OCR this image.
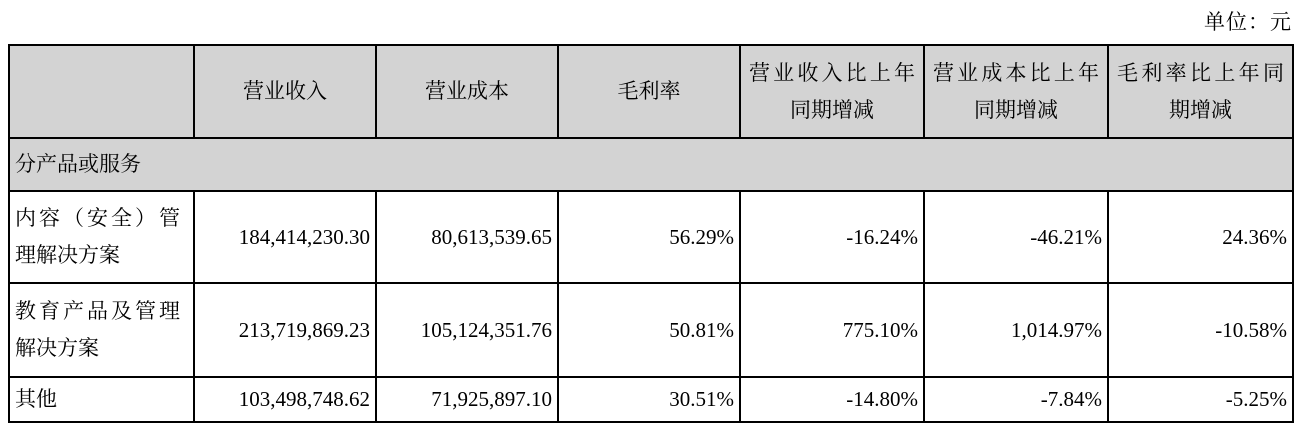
单位：元
	营业收入	营业成本	毛利率	营业收入比上年同期增减	营业成本比上年同期增减	毛利率比上年同期增减
分产品或服务						
内容（安全）管理解决方案	184,414,230.30	80,613,539.65	56.29%	-16.24%	-46.21%	24.36%
教育产品及管理解决方案	213,719,869.23	105,124,351.76	50.81%	775.10%	1,014.97%	-10.58%
其他	103,498,748.62	71,925,897.10	30.51%	-14.80%	-7.84%	-5.25%
